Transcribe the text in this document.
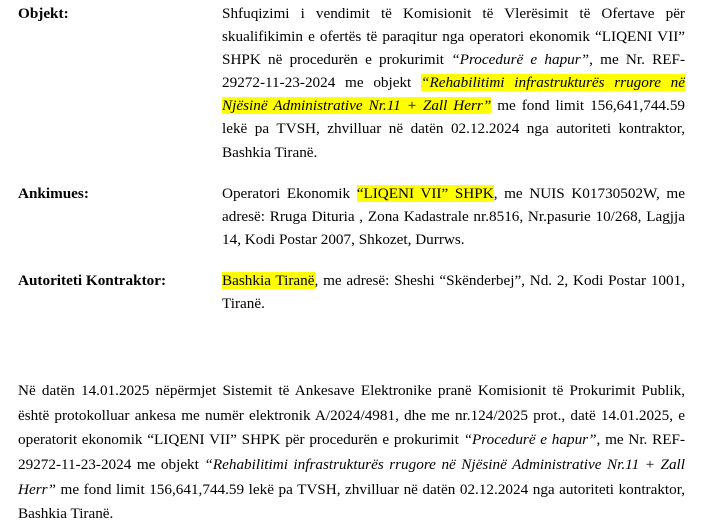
Objekt:	Shfuqizimi i vendimit të Komisionit të Vlerësimit të Ofertave për skualifikimin e ofertës të paraqitur nga operatori ekonomik “LIQENI VII” SHPK në procedurën e prokurimit “Procedurë e hapur”, me Nr. REF-29272-11-23-2024 me objekt “Rehabilitimi infrastrukturës rrugore në Njësinë Administrative Nr.11 + Zall Herr” me fond limit 156,641,744.59 lekë pa TVSH, zhvilluar në datën 02.12.2024 nga autoriteti kontraktor, Bashkia Tiranë.
Ankimues:	Operatori Ekonomik “LIQENI VII” SHPK, me NUIS K01730502W, me adresë: Rruga Dituria , Zona Kadastrale nr.8516, Nr.pasurie 10/268, Lagjja 14, Kodi Postar 2007, Shkozet, Durrws.
Autoriteti Kontraktor:	Bashkia Tiranë, me adresë: Sheshi “Skënderbej”, Nd. 2, Kodi Postar 1001, Tiranë.
Në datën 14.01.2025 nëpërmjet Sistemit të Ankesave Elektronike pranë Komisionit të Prokurimit Publik, është protokolluar ankesa me numër elektronik A/2024/4981, dhe me nr.124/2025 prot., datë 14.01.2025, e operatorit ekonomik “LIQENI VII” SHPK për procedurën e prokurimit “Procedurë e hapur”, me Nr. REF-29272-11-23-2024 me objekt “Rehabilitimi infrastrukturës rrugore në Njësinë Administrative Nr.11 + Zall Herr” me fond limit 156,641,744.59 lekë pa TVSH, zhvilluar në datën 02.12.2024 nga autoriteti kontraktor, Bashkia Tiranë.
